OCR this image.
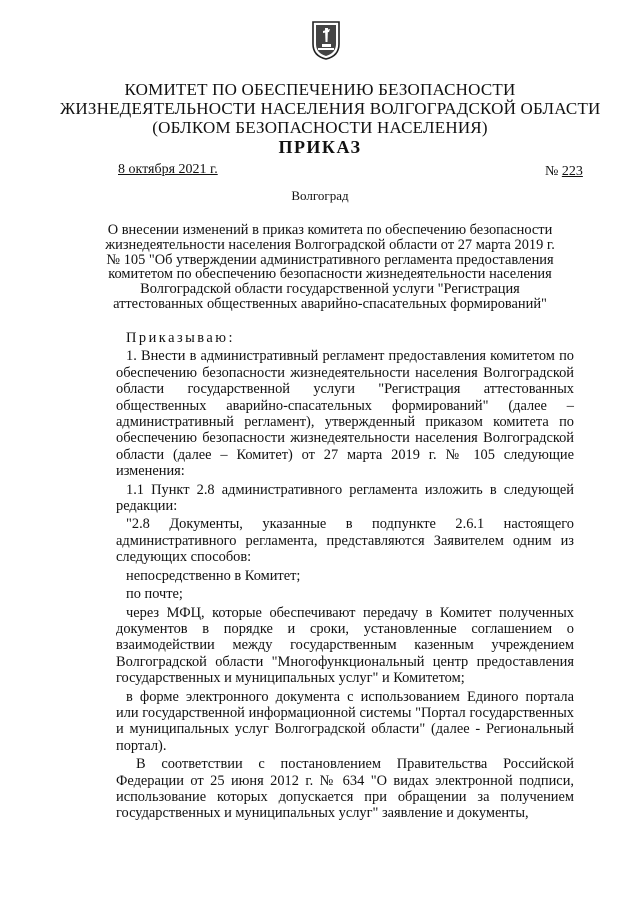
КОМИТЕТ ПО ОБЕСПЕЧЕНИЮ БЕЗОПАСНОСТИ
ЖИЗНЕДЕЯТЕЛЬНОСТИ НАСЕЛЕНИЯ ВОЛГОГРАДСКОЙ ОБЛАСТИ
(ОБЛКОМ БЕЗОПАСНОСТИ НАСЕЛЕНИЯ)
ПРИКАЗ
8 октября 2021 г.	№ 223
Волгоград
О внесении изменений в приказ комитета по обеспечению безопасности
жизнедеятельности населения Волгоградской области от 27 марта 2019 г.
№ 105 "Об утверждении административного регламента предоставления
комитетом по обеспечению безопасности жизнедеятельности населения
Волгоградской области государственной услуги "Регистрация
аттестованных общественных аварийно-спасательных формирований"

Приказываю:

1. Внести в административный регламент предоставления комитетом по обеспечению безопасности жизнедеятельности населения Волгоградской области государственной услуги "Регистрация аттестованных общественных аварийно-спасательных формирований" (далее – административный регламент), утвержденный приказом комитета по обеспечению безопасности жизнедеятельности населения Волгоградской области (далее – Комитет) от 27 марта 2019 г. № 105 следующие изменения:

1.1 Пункт 2.8 административного регламента изложить в следующей редакции:

"2.8 Документы, указанные в подпункте 2.6.1 настоящего административного регламента, представляются Заявителем одним из следующих способов:

непосредственно в Комитет;

по почте;

через МФЦ, которые обеспечивают передачу в Комитет полученных документов в порядке и сроки, установленные соглашением о взаимодействии между государственным казенным учреждением Волгоградской области "Многофункциональный центр предоставления государственных и муниципальных услуг" и Комитетом;

в форме электронного документа с использованием Единого портала или государственной информационной системы "Портал государственных и муниципальных услуг Волгоградской области" (далее - Региональный портал).

В соответствии с постановлением Правительства Российской Федерации от 25 июня 2012 г. № 634 "О видах электронной подписи, использование которых допускается при обращении за получением государственных и муниципальных услуг" заявление и документы,
